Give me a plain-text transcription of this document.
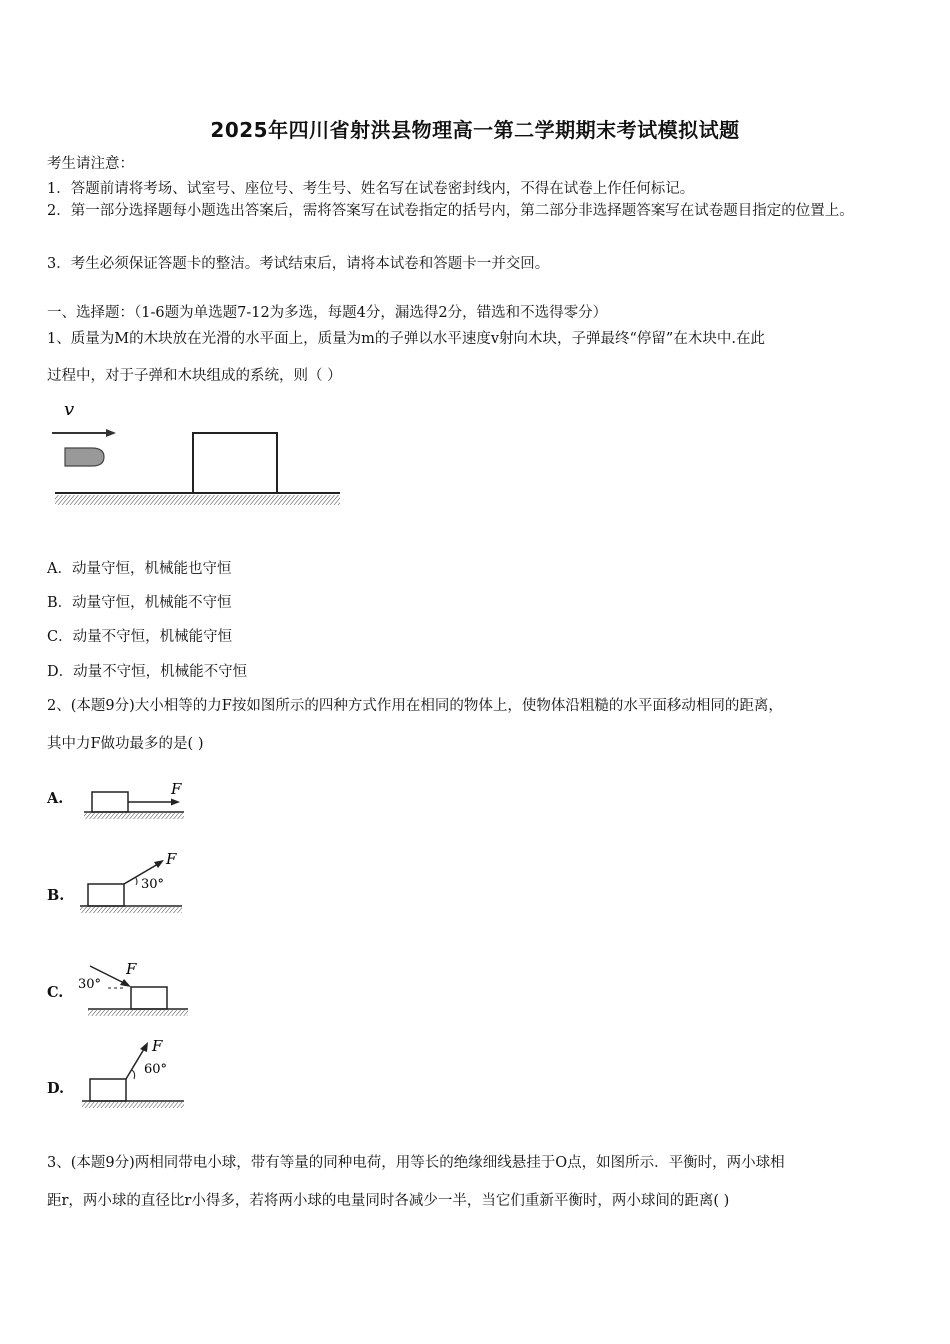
2025年四川省射洪县物理高一第二学期期末考试模拟试题
考生请注意：
1．答题前请将考场、试室号、座位号、考生号、姓名写在试卷密封线内，不得在试卷上作任何标记。
2．第一部分选择题每小题选出答案后，需将答案写在试卷指定的括号内，第二部分非选择题答案写在试卷题目指定的位置上。
3．考生必须保证答题卡的整洁。考试结束后，请将本试卷和答题卡一并交回。
一、选择题：（1-6题为单选题7-12为多选，每题4分，漏选得2分，错选和不选得零分）
1、质量为M的木块放在光滑的水平面上，质量为m的子弹以水平速度v射向木块，子弹最终“停留”在木块中.在此
过程中，对于子弹和木块组成的系统，则（ ）
v
A．动量守恒，机械能也守恒
B．动量守恒，机械能不守恒
C．动量不守恒，机械能守恒
D．动量不守恒，机械能不守恒
2、(本题9分)大小相等的力F按如图所示的四种方式作用在相同的物体上，使物体沿粗糙的水平面移动相同的距离，
其中力F做功最多的是( )
A.
F
B.
F
30°
C.
F
30°
D.
F
60°
3、(本题9分)两相同带电小球，带有等量的同种电荷，用等长的绝缘细线悬挂于O点，如图所示．平衡时，两小球相
距r，两小球的直径比r小得多，若将两小球的电量同时各减少一半，当它们重新平衡时，两小球间的距离( )
